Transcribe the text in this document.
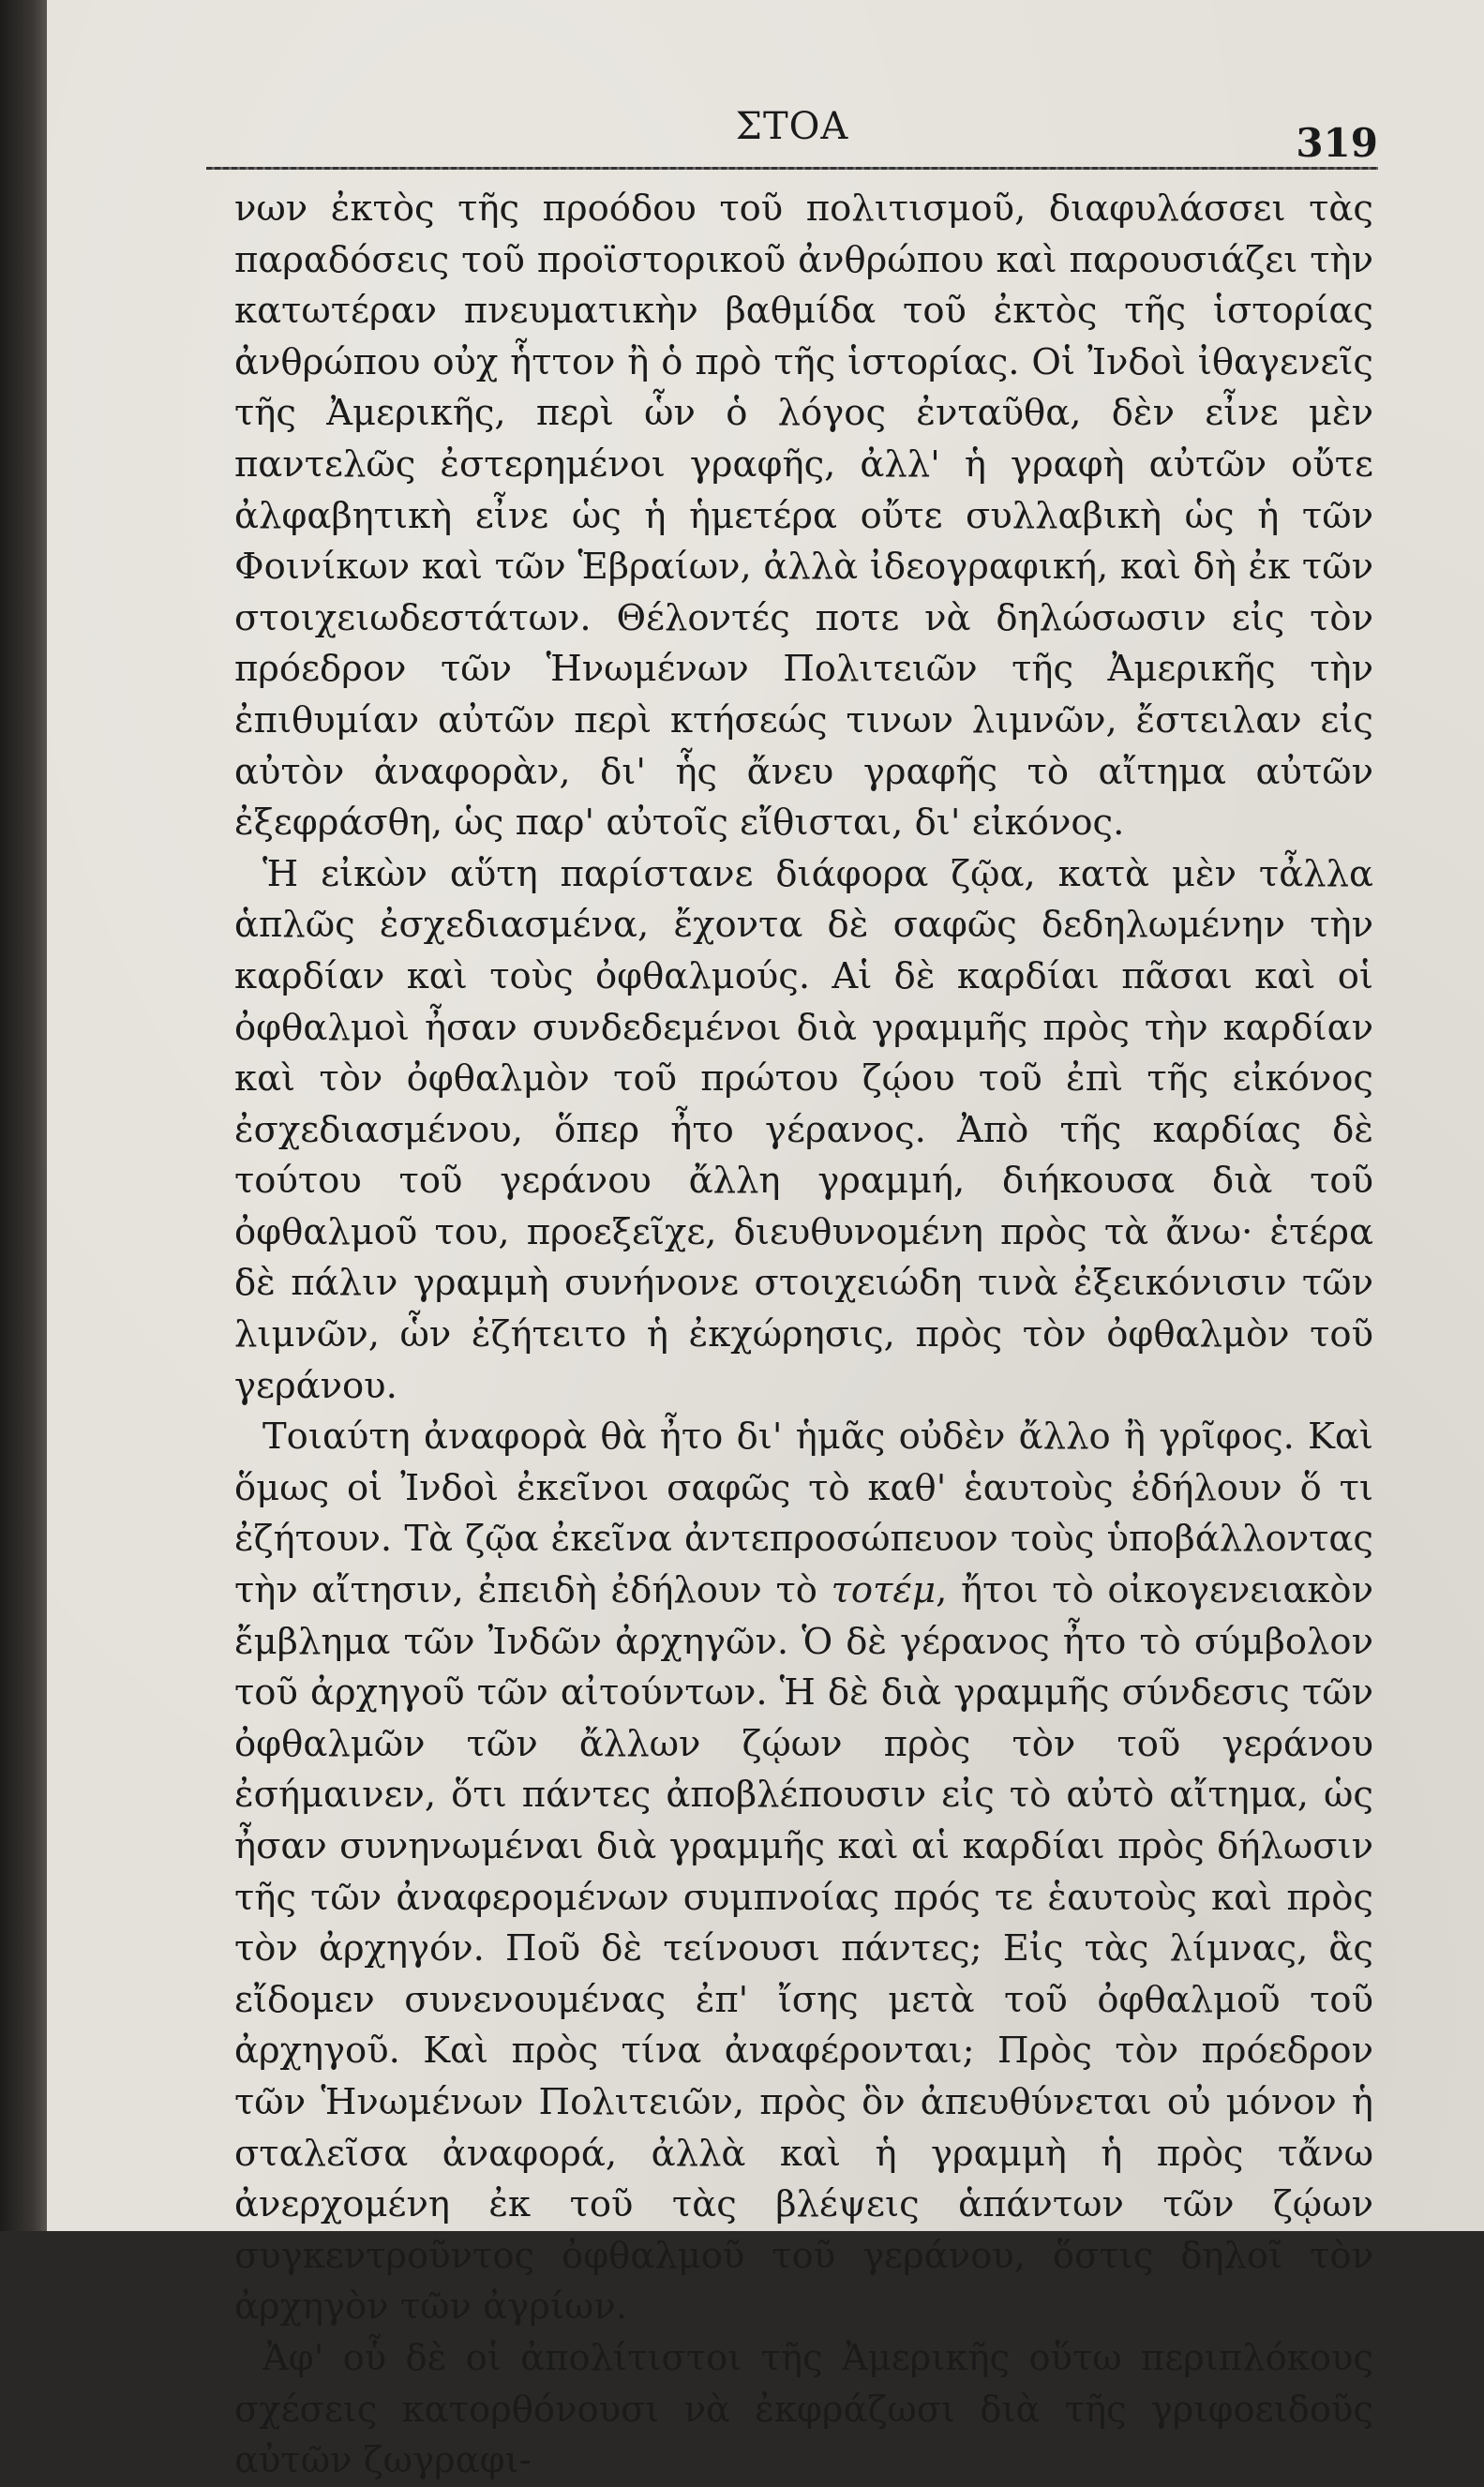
ΣΤΟΑ	319

νων ἐκτὸς τῆς προόδου τοῦ πολιτισμοῦ, διαφυλάσσει τὰς παραδόσεις τοῦ προϊστορικοῦ ἀνθρώπου καὶ παρουσιάζει τὴν κατωτέραν πνευματικὴν βαθμίδα τοῦ ἐκτὸς τῆς ἱστορίας ἀνθρώπου οὐχ ἧττον ἢ ὁ πρὸ τῆς ἱστορίας. Οἱ Ἰνδοὶ ἰθαγενεῖς τῆς Ἀμερικῆς, περὶ ὧν ὁ λόγος ἐνταῦθα, δὲν εἶνε μὲν παντελῶς ἐστερημένοι γραφῆς, ἀλλ' ἡ γραφὴ αὐτῶν οὔτε ἀλφαβητικὴ εἶνε ὡς ἡ ἡμετέρα οὔτε συλλαβικὴ ὡς ἡ τῶν Φοινίκων καὶ τῶν Ἑβραίων, ἀλλὰ ἰδεογραφική, καὶ δὴ ἐκ τῶν στοιχειωδεστάτων. Θέλοντές ποτε νὰ δηλώσωσιν εἰς τὸν πρόεδρον τῶν Ἡνωμένων Πολιτειῶν τῆς Ἀμερικῆς τὴν ἐπιθυμίαν αὐτῶν περὶ κτήσεώς τινων λιμνῶν, ἔστειλαν εἰς αὐτὸν ἀναφορὰν, δι' ἧς ἄνευ γραφῆς τὸ αἴτημα αὐτῶν ἐξεφράσθη, ὡς παρ' αὐτοῖς εἴθισται, δι' εἰκόνος.

Ἡ εἰκὼν αὕτη παρίστανε διάφορα ζῷα, κατὰ μὲν τἆλλα ἁπλῶς ἐσχεδιασμένα, ἔχοντα δὲ σαφῶς δεδηλωμένην τὴν καρδίαν καὶ τοὺς ὀφθαλμούς. Αἱ δὲ καρδίαι πᾶσαι καὶ οἱ ὀφθαλμοὶ ἦσαν συνδεδεμένοι διὰ γραμμῆς πρὸς τὴν καρδίαν καὶ τὸν ὀφθαλμὸν τοῦ πρώτου ζῴου τοῦ ἐπὶ τῆς εἰκόνος ἐσχεδιασμένου, ὅπερ ἦτο γέρανος. Ἀπὸ τῆς καρδίας δὲ τούτου τοῦ γεράνου ἄλλη γραμμή, διήκουσα διὰ τοῦ ὀφθαλμοῦ του, προεξεῖχε, διευθυνομένη πρὸς τὰ ἄνω· ἑτέρα δὲ πάλιν γραμμὴ συνήνονε στοιχειώδη τινὰ ἐξεικόνισιν τῶν λιμνῶν, ὧν ἐζήτειτο ἡ ἐκχώρησις, πρὸς τὸν ὀφθαλμὸν τοῦ γεράνου.

Τοιαύτη ἀναφορὰ θὰ ἦτο δι' ἡμᾶς οὐδὲν ἄλλο ἢ γρῖφος. Καὶ ὅμως οἱ Ἰνδοὶ ἐκεῖνοι σαφῶς τὸ καθ' ἑαυτοὺς ἐδήλουν ὅ τι ἐζήτουν. Τὰ ζῷα ἐκεῖνα ἀντεπροσώπευον τοὺς ὑποβάλλοντας τὴν αἴτησιν, ἐπειδὴ ἐδήλουν τὸ τοτέμ, ἤτοι τὸ οἰκογενειακὸν ἔμβλημα τῶν Ἰνδῶν ἀρχηγῶν. Ὁ δὲ γέρανος ἦτο τὸ σύμβολον τοῦ ἀρχηγοῦ τῶν αἰτούντων. Ἡ δὲ διὰ γραμμῆς σύνδεσις τῶν ὀφθαλμῶν τῶν ἄλλων ζῴων πρὸς τὸν τοῦ γεράνου ἐσήμαινεν, ὅτι πάντες ἀποβλέπουσιν εἰς τὸ αὐτὸ αἴτημα, ὡς ἦσαν συνηνωμέναι διὰ γραμμῆς καὶ αἱ καρδίαι πρὸς δήλωσιν τῆς τῶν ἀναφερομένων συμπνοίας πρός τε ἑαυτοὺς καὶ πρὸς τὸν ἀρχηγόν. Ποῦ δὲ τείνουσι πάντες; Εἰς τὰς λίμνας, ἃς εἴδομεν συνενουμένας ἐπ' ἴσης μετὰ τοῦ ὀφθαλμοῦ τοῦ ἀρχηγοῦ. Καὶ πρὸς τίνα ἀναφέρονται; Πρὸς τὸν πρόεδρον τῶν Ἡνωμένων Πολιτειῶν, πρὸς ὃν ἀπευθύνεται οὐ μόνον ἡ σταλεῖσα ἀναφορά, ἀλλὰ καὶ ἡ γραμμὴ ἡ πρὸς τἄνω ἀνερχομένη ἐκ τοῦ τὰς βλέψεις ἁπάντων τῶν ζῴων συγκεντροῦντος ὀφθαλμοῦ τοῦ γεράνου, ὅστις δηλοῖ τὸν ἀρχηγὸν τῶν ἀγρίων.

Ἀφ' οὗ δὲ οἱ ἀπολίτιστοι τῆς Ἀμερικῆς οὕτω περιπλόκους σχέσεις κατορθόνουσι νὰ ἐκφράζωσι διὰ τῆς γριφοειδοῦς αὐτῶν ζωγραφι-
